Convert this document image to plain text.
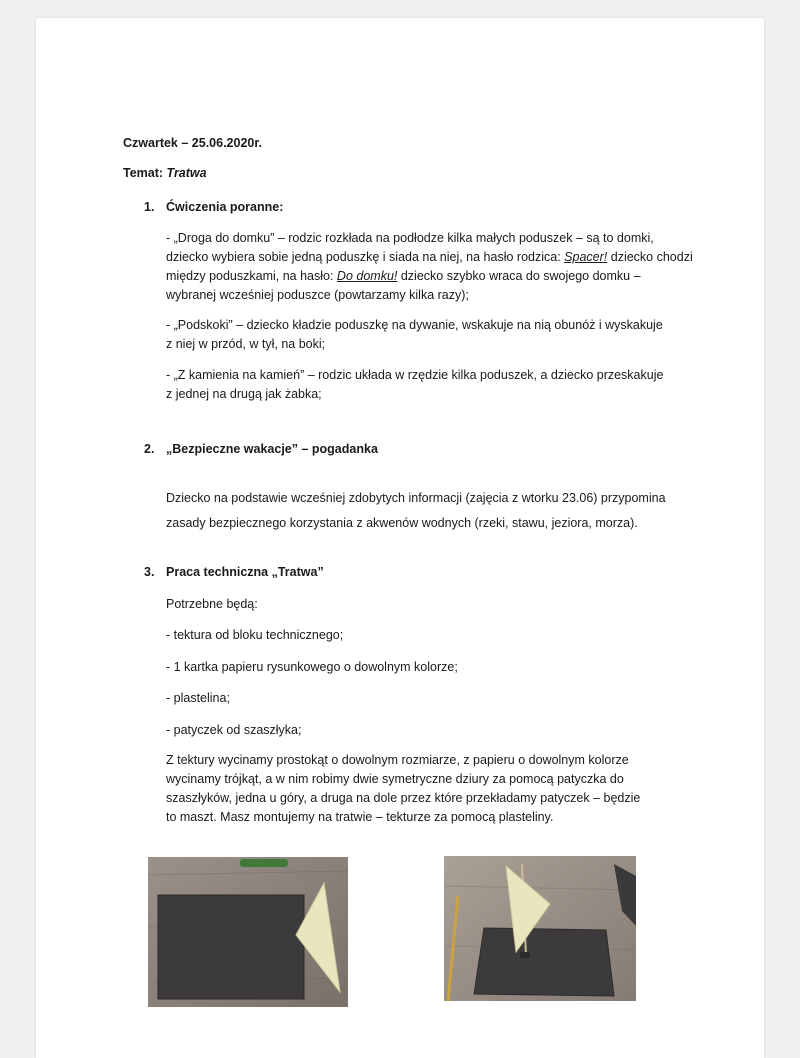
Czwartek – 25.06.2020r.

Temat: Tratwa

1. Ćwiczenia poranne:

- „Droga do domku” – rodzic rozkłada na podłodze kilka małych poduszek – są to domki,

dziecko wybiera sobie jedną poduszkę i siada na niej, na hasło rodzica: Spacer! dziecko chodzi

między poduszkami, na hasło: Do domku! dziecko szybko wraca do swojego domku –

wybranej wcześniej poduszce (powtarzamy kilka razy);

- „Podskoki” – dziecko kładzie poduszkę na dywanie, wskakuje na nią obunóż i wyskakuje

z niej w przód, w tył, na boki;

- „Z kamienia na kamień” – rodzic układa w rzędzie kilka poduszek, a dziecko przeskakuje

z jednej na drugą jak żabka;

2. „Bezpieczne wakacje” – pogadanka

Dziecko na podstawie wcześniej zdobytych informacji (zajęcia z wtorku 23.06) przypomina

zasady bezpiecznego korzystania z akwenów wodnych (rzeki, stawu, jeziora, morza).

3. Praca techniczna „Tratwa”

Potrzebne będą:

- tektura od bloku technicznego;

- 1 kartka papieru rysunkowego o dowolnym kolorze;

- plastelina;

- patyczek od szaszłyka;

Z tektury wycinamy prostokąt o dowolnym rozmiarze, z papieru o dowolnym kolorze

wycinamy trójkąt, a w nim robimy dwie symetryczne dziury za pomocą patyczka do

szaszłyków, jedna u góry, a druga na dole przez które przekładamy patyczek – będzie

to maszt. Masz montujemy na tratwie – tekturze za pomocą plasteliny.
